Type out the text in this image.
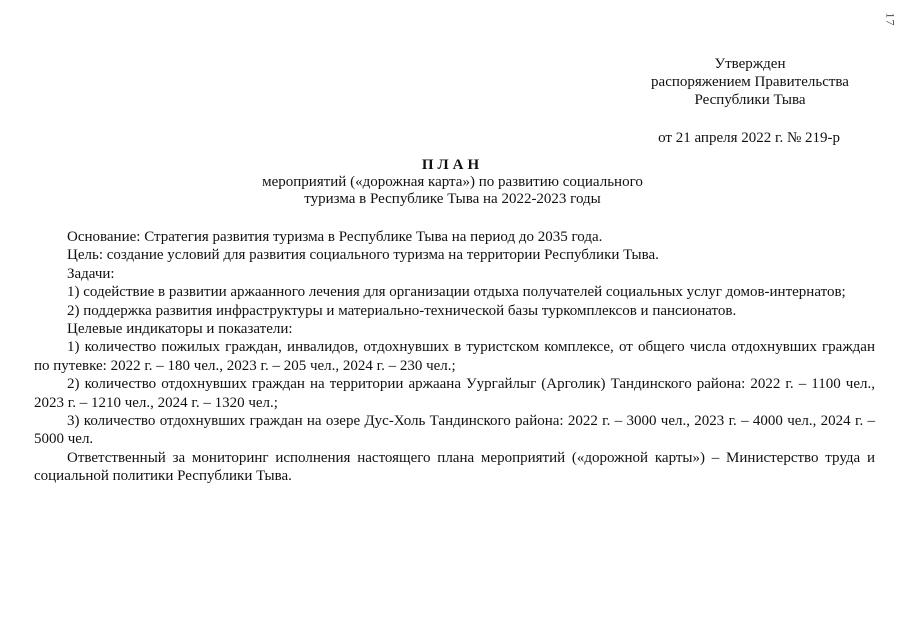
17
Утвержден
распоряжением Правительства
Республики Тыва
от 21 апреля 2022 г. № 219-р
ПЛАН
мероприятий («дорожная карта») по развитию социального
туризма в Республике Тыва на 2022-2023 годы

Основание: Стратегия развития туризма в Республике Тыва на период до 2035 года.

Цель: создание условий для развития социального туризма на территории Республики Тыва.

Задачи:

1) содействие в развитии аржаанного лечения для организации отдыха получателей социальных услуг домов-интернатов;

2) поддержка развития инфраструктуры и материально-технической базы туркомплексов и пансионатов.

Целевые индикаторы и показатели:

1) количество пожилых граждан, инвалидов, отдохнувших в туристском комплексе, от общего числа отдохнувших граждан по путевке: 2022 г. – 180 чел., 2023 г. – 205 чел., 2024 г. – 230 чел.;

2) количество отдохнувших граждан на территории аржаана Уургайлыг (Арголик) Тандинского района: 2022 г. – 1100 чел., 2023 г. – 1210 чел., 2024 г. – 1320 чел.;

3) количество отдохнувших граждан на озере Дус-Холь Тандинского района: 2022 г. – 3000 чел., 2023 г. – 4000 чел., 2024 г. – 5000 чел.

Ответственный за мониторинг исполнения настоящего плана мероприятий («дорожной карты») – Министерство труда и социальной политики Республики Тыва.
